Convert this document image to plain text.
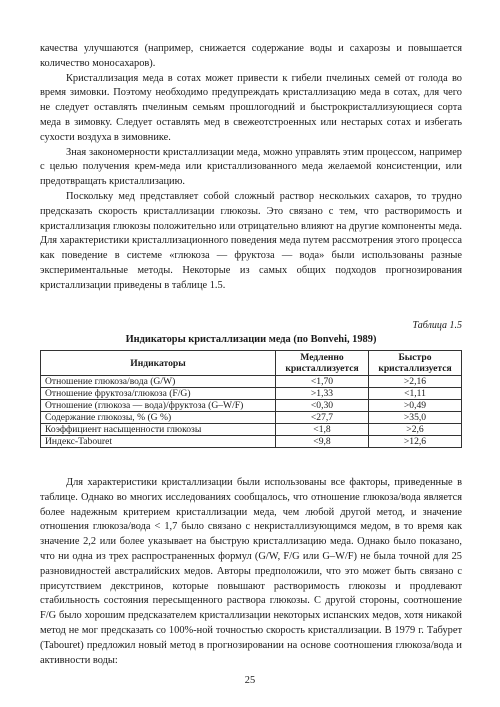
качества улучшаются (например, снижается содержание воды и сахарозы и повышается количество моносахаров).

Кристаллизация меда в сотах может привести к гибели пчелиных семей от голода во время зимовки. Поэтому необходимо предупреждать кристаллизацию меда в сотах, для чего не следует оставлять пчелиным семьям прошлогодний и быстрокристаллизующиеся сорта меда в зимовку. Следует оставлять мед в свежеотстроенных или нестарых сотах и избегать сухости воздуха в зимовнике.

Зная закономерности кристаллизации меда, можно управлять этим процессом, например с целью получения крем-меда или кристаллизованного меда желаемой консистенции, или предотвращать кристаллизацию.

Поскольку мед представляет собой сложный раствор нескольких сахаров, то трудно предсказать скорость кристаллизации глюкозы. Это связано с тем, что растворимость и кристаллизация глюкозы положительно или отрицательно влияют на другие компоненты меда. Для характеристики кристаллизационного поведения меда путем рассмотрения этого процесса как поведение в системе «глюкоза — фруктоза — вода» были использованы разные экспериментальные методы. Некоторые из самых общих подходов прогнозирования кристаллизации приведены в таблице 1.5.

Таблица 1.5
Индикаторы кристаллизации меда (по Bonvehi, 1989)
Индикаторы	Медленно кристаллизуется	Быстро кристаллизуется
Отношение глюкоза/вода (G/W)	<1,70	>2,16
Отношение фруктоза/глюкоза (F/G)	>1,33	<1,11
Отношение (глюкоза — вода)/фруктоза (G–W/F)	<0,30	>0,49
Содержание глюкозы, % (G %)	<27,7	>35,0
Коэффициент насыщенности глюкозы	<1,8	>2,6
Индекс-Tabouret	<9,8	>12,6

Для характеристики кристаллизации были использованы все факторы, приведенные в таблице. Однако во многих исследованиях сообщалось, что отношение глюкоза/вода является более надежным критерием кристаллизации меда, чем любой другой метод, и значение отношения глюкоза/вода < 1,7 было связано с некристаллизующимся медом, в то время как значение 2,2 или более указывает на быструю кристаллизацию меда. Однако было показано, что ни одна из трех распространенных формул (G/W, F/G или G–W/F) не была точной для 25 разновидностей австралийских медов. Авторы предположили, что это может быть связано с присутствием декстринов, которые повышают растворимость глюкозы и продлевают стабильность состояния пересыщенного раствора глюкозы. С другой стороны, соотношение F/G было хорошим предсказателем кристаллизации некоторых испанских медов, хотя никакой метод не мог предсказать со 100%-ной точностью скорость кристаллизации. В 1979 г. Табурет (Tabouret) предложил новый метод в прогнозировании на основе соотношения глюкоза/вода и активности воды:

25
